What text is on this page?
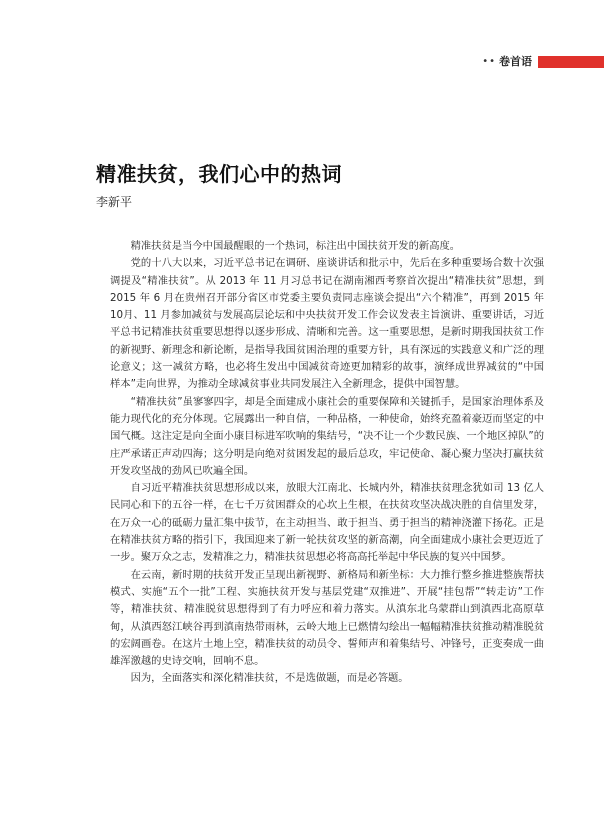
•• 卷首语
精准扶贫，我们心中的热词
李新平

精准扶贫是当今中国最醒眼的一个热词，标注出中国扶贫开发的新高度。

党的十八大以来，习近平总书记在调研、座谈讲话和批示中，先后在多种重要场合数十次强调提及“精准扶贫”。从 2013 年 11 月习总书记在湖南湘西考察首次提出“精准扶贫”思想，到 2015 年 6 月在贵州召开部分省区市党委主要负责同志座谈会提出“六个精准”，再到 2015 年 10月、11 月参加减贫与发展高层论坛和中央扶贫开发工作会议发表主旨演讲、重要讲话，习近平总书记精准扶贫重要思想得以逐步形成、清晰和完善。这一重要思想，是新时期我国扶贫工作的新视野、新理念和新论断，是指导我国贫困治理的重要方针，具有深远的实践意义和广泛的理论意义；这一减贫方略，也必将生发出中国减贫奇迹更加精彩的故事，演绎成世界减贫的“中国样本”走向世界，为推动全球减贫事业共同发展注入全新理念，提供中国智慧。

“精准扶贫”虽寥寥四字，却是全面建成小康社会的重要保障和关键抓手，是国家治理体系及能力现代化的充分体现。它展露出一种自信，一种品格，一种使命，始终充盈着豪迈而坚定的中国气概。这注定是向全面小康目标进军吹响的集结号，“决不让一个少数民族、一个地区掉队”的庄严承诺正声动四海；这分明是向绝对贫困发起的最后总攻，牢记使命、凝心聚力坚决打赢扶贫开发攻坚战的劲风已吹遍全国。

自习近平精准扶贫思想形成以来，放眼大江南北、长城内外，精准扶贫理念犹如司 13 亿人民同心和下的五谷一样，在七千万贫困群众的心坎上生根，在扶贫攻坚决战决胜的自信里发芽，在万众一心的砥砺力量汇集中拔节，在主动担当、敢于担当、勇于担当的精神浇灌下扬花。正是在精准扶贫方略的指引下，我国迎来了新一轮扶贫攻坚的新高潮，向全面建成小康社会更迈近了一步。聚万众之志，发精准之力，精准扶贫思想必将高高托举起中华民族的复兴中国梦。

在云南，新时期的扶贫开发正呈现出新视野、新格局和新坐标：大力推行整乡推进整族帮扶模式、实施“五个一批”工程、实施扶贫开发与基层党建“双推进”、开展“挂包帮”“转走访”工作等，精准扶贫、精准脱贫思想得到了有力呼应和着力落实。从滇东北乌蒙群山到滇西北高原草甸，从滇西怒江峡谷再到滇南热带雨林，云岭大地上已燃情勾绘出一幅幅精准扶贫推动精准脱贫的宏阔画卷。在这片土地上空，精准扶贫的动员令、誓师声和着集结号、冲锋号，正变奏成一曲雄浑激越的史诗交响，回响不息。

因为，全面落实和深化精准扶贫，不是选做题，而是必答题。
